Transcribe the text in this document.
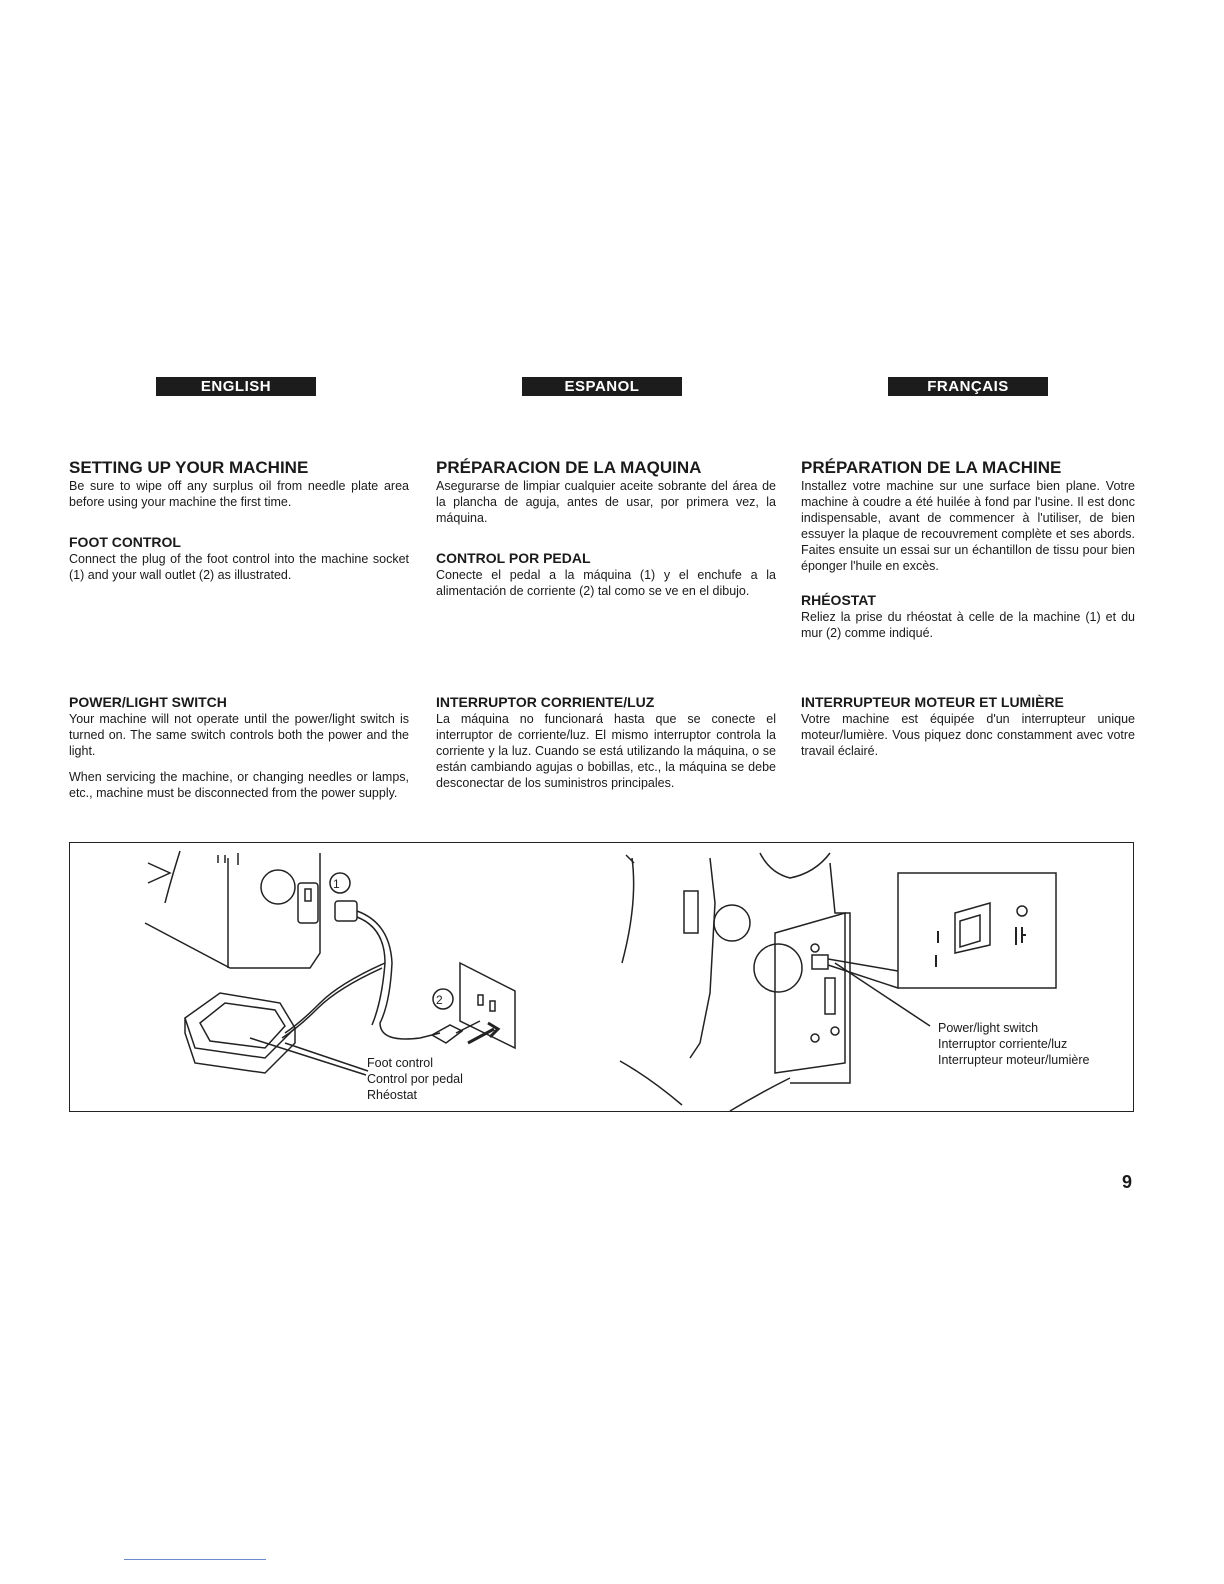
ENGLISH	ESPANOL	FRANÇAIS
SETTING UP YOUR MACHINE

Be sure to wipe off any surplus oil from needle plate area before using your machine the first time.

FOOT CONTROL

Connect the plug of the foot control into the machine socket (1) and your wall outlet (2) as illustrated.

POWER/LIGHT SWITCH

Your machine will not operate until the power/light switch is turned on. The same switch controls both the power and the light.

When servicing the machine, or changing needles or lamps, etc., machine must be disconnected from the power supply.

PRÉPARACION DE LA MAQUINA

Asegurarse de limpiar cualquier aceite sobrante del área de la plancha de aguja, antes de usar, por primera vez, la máquina.

CONTROL POR PEDAL

Conecte el pedal a la máquina (1) y el enchufe a la alimentación de corriente (2) tal como se ve en el dibujo.

INTERRUPTOR CORRIENTE/LUZ

La máquina no funcionará hasta que se conecte el interruptor de corriente/luz. El mismo interruptor controla la corriente y la luz. Cuando se está utilizando la máquina, o se están cambiando agujas o bobillas, etc., la máquina se debe desconectar de los suministros principales.

PRÉPARATION DE LA MACHINE

Installez votre machine sur une surface bien plane. Votre machine à coudre a été huilée à fond par l'usine. Il est donc indispensable, avant de commencer à l'utiliser, de bien essuyer la plaque de recouvrement complète et ses abords. Faites ensuite un essai sur un échantillon de tissu pour bien éponger l'huile en excès.

RHÉOSTAT

Reliez la prise du rhéostat à celle de la machine (1) et du mur (2) comme indiqué.

INTERRUPTEUR MOTEUR ET LUMIÈRE

Votre machine est équipée d'un interrupteur unique moteur/lumière. Vous piquez donc constamment avec votre travail éclairé.

1
2
Foot control
Control por pedal
Rhéostat
Power/light switch
Interruptor corriente/luz
Interrupteur moteur/lumière
9
